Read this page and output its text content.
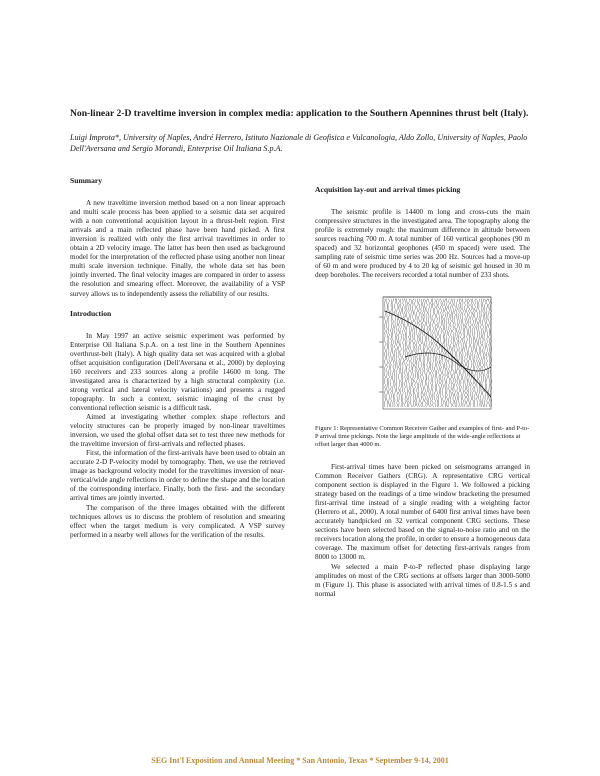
Non-linear 2-D traveltime inversion in complex media: application to the Southern Apennines thrust belt (Italy).
Luigi Improta*, University of Naples, André Herrero, Istituto Nazionale di Geofisica e Vulcanologia, Aldo Zollo, University of Naples, Paolo Dell'Aversana and Sergio Morandi, Enterprise Oil Italiana S.p.A.
Summary

A new traveltime inversion method based on a non linear approach and multi scale process has been applied to a seismic data set acquired with a non conventional acquisition layout in a thrust-belt region. First arrivals and a main reflected phase have been hand picked. A first inversion is realized with only the first arrival traveltimes in order to obtain a 2D velocity image. The latter has been then used as background model for the interpretation of the reflected phase using another non linear multi scale inversion technique. Finally, the whole data set has been jointly inverted. The final velocity images are compared in order to assess the resolution and smearing effect. Moreover, the availability of a VSP survey allows us to independently assess the reliability of our results.

Introduction

In May 1997 an active seismic experiment was performed by Enterprise Oil Italiana S.p.A. on a test line in the Southern Apennines overthrust-belt (Italy). A high quality data set was acquired with a global offset acquisition configuration (Dell'Aversana et al., 2000) by deploying 160 receivers and 233 sources along a profile 14600 m long. The investigated area is characterized by a high structural complexity (i.e. strong vertical and lateral velocity variations) and presents a rugged topography. In such a context, seismic imaging of the crust by conventional reflection seismic is a difficult task.

Aimed at investigating whether complex shape reflectors and velocity structures can be properly imaged by non-linear traveltimes inversion, we used the global offset data set to test three new methods for the traveltime inversion of first-arrivals and reflected phases.

First, the information of the first-arrivals have been used to obtain an accurate 2-D P-velocity model by tomography. Then, we use the retrieved image as background velocity model for the traveltimes inversion of near-vertical/wide angle reflections in order to define the shape and the location of the corresponding interface. Finally, both the first- and the secondary arrival times are jointly inverted.

The comparison of the three images obtained with the different techniques allows us to discuss the problem of resolution and smearing effect when the target medium is very complicated. A VSP survey performed in a nearby well allows for the verification of the results.

Acquisition lay-out and arrival times picking

The seismic profile is 14400 m long and cross-cuts the main compressive structures in the investigated area. The topography along the profile is extremely rough: the maximum difference in altitude between sources reaching 700 m. A total number of 160 vertical geophones (90 m spaced) and 32 horizontal geophones (450 m spaced) were used. The sampling rate of seismic time series was 200 Hz. Sources had a move-up of 60 m and were produced by 4 to 20 kg of seismic gel housed in 30 m deep boreholes. The receivers recorded a total number of 233 shots.

Figure 1: Representative Common Receiver Gather and examples of first- and P-to-P arrival time pickings. Note the large amplitude of the wide-angle reflections at offset larger than 4000 m.

First-arrival times have been picked on seismograms arranged in Common Receiver Gathers (CRG). A representative CRG vertical component section is displayed in the Figure 1. We followed a picking strategy based on the readings of a time window bracketing the presumed first-arrival time instead of a single reading with a weighting factor (Herrero et al., 2000). A total number of 6400 first arrival times have been accurately handpicked on 32 vertical component CRG sections. These sections have been selected based on the signal-to-noise ratio and on the receivers location along the profile, in order to ensure a homogeneous data coverage. The maximum offset for detecting first-arrivals ranges from 8000 to 13000 m.

We selected a main P-to-P reflected phase displaying large amplitudes on most of the CRG sections at offsets larger than 3000-5000 m (Figure 1). This phase is associated with arrival times of 0.8-1.5 s and normal

SEG Int'l Exposition and Annual Meeting * San Antonio, Texas * September 9-14, 2001
